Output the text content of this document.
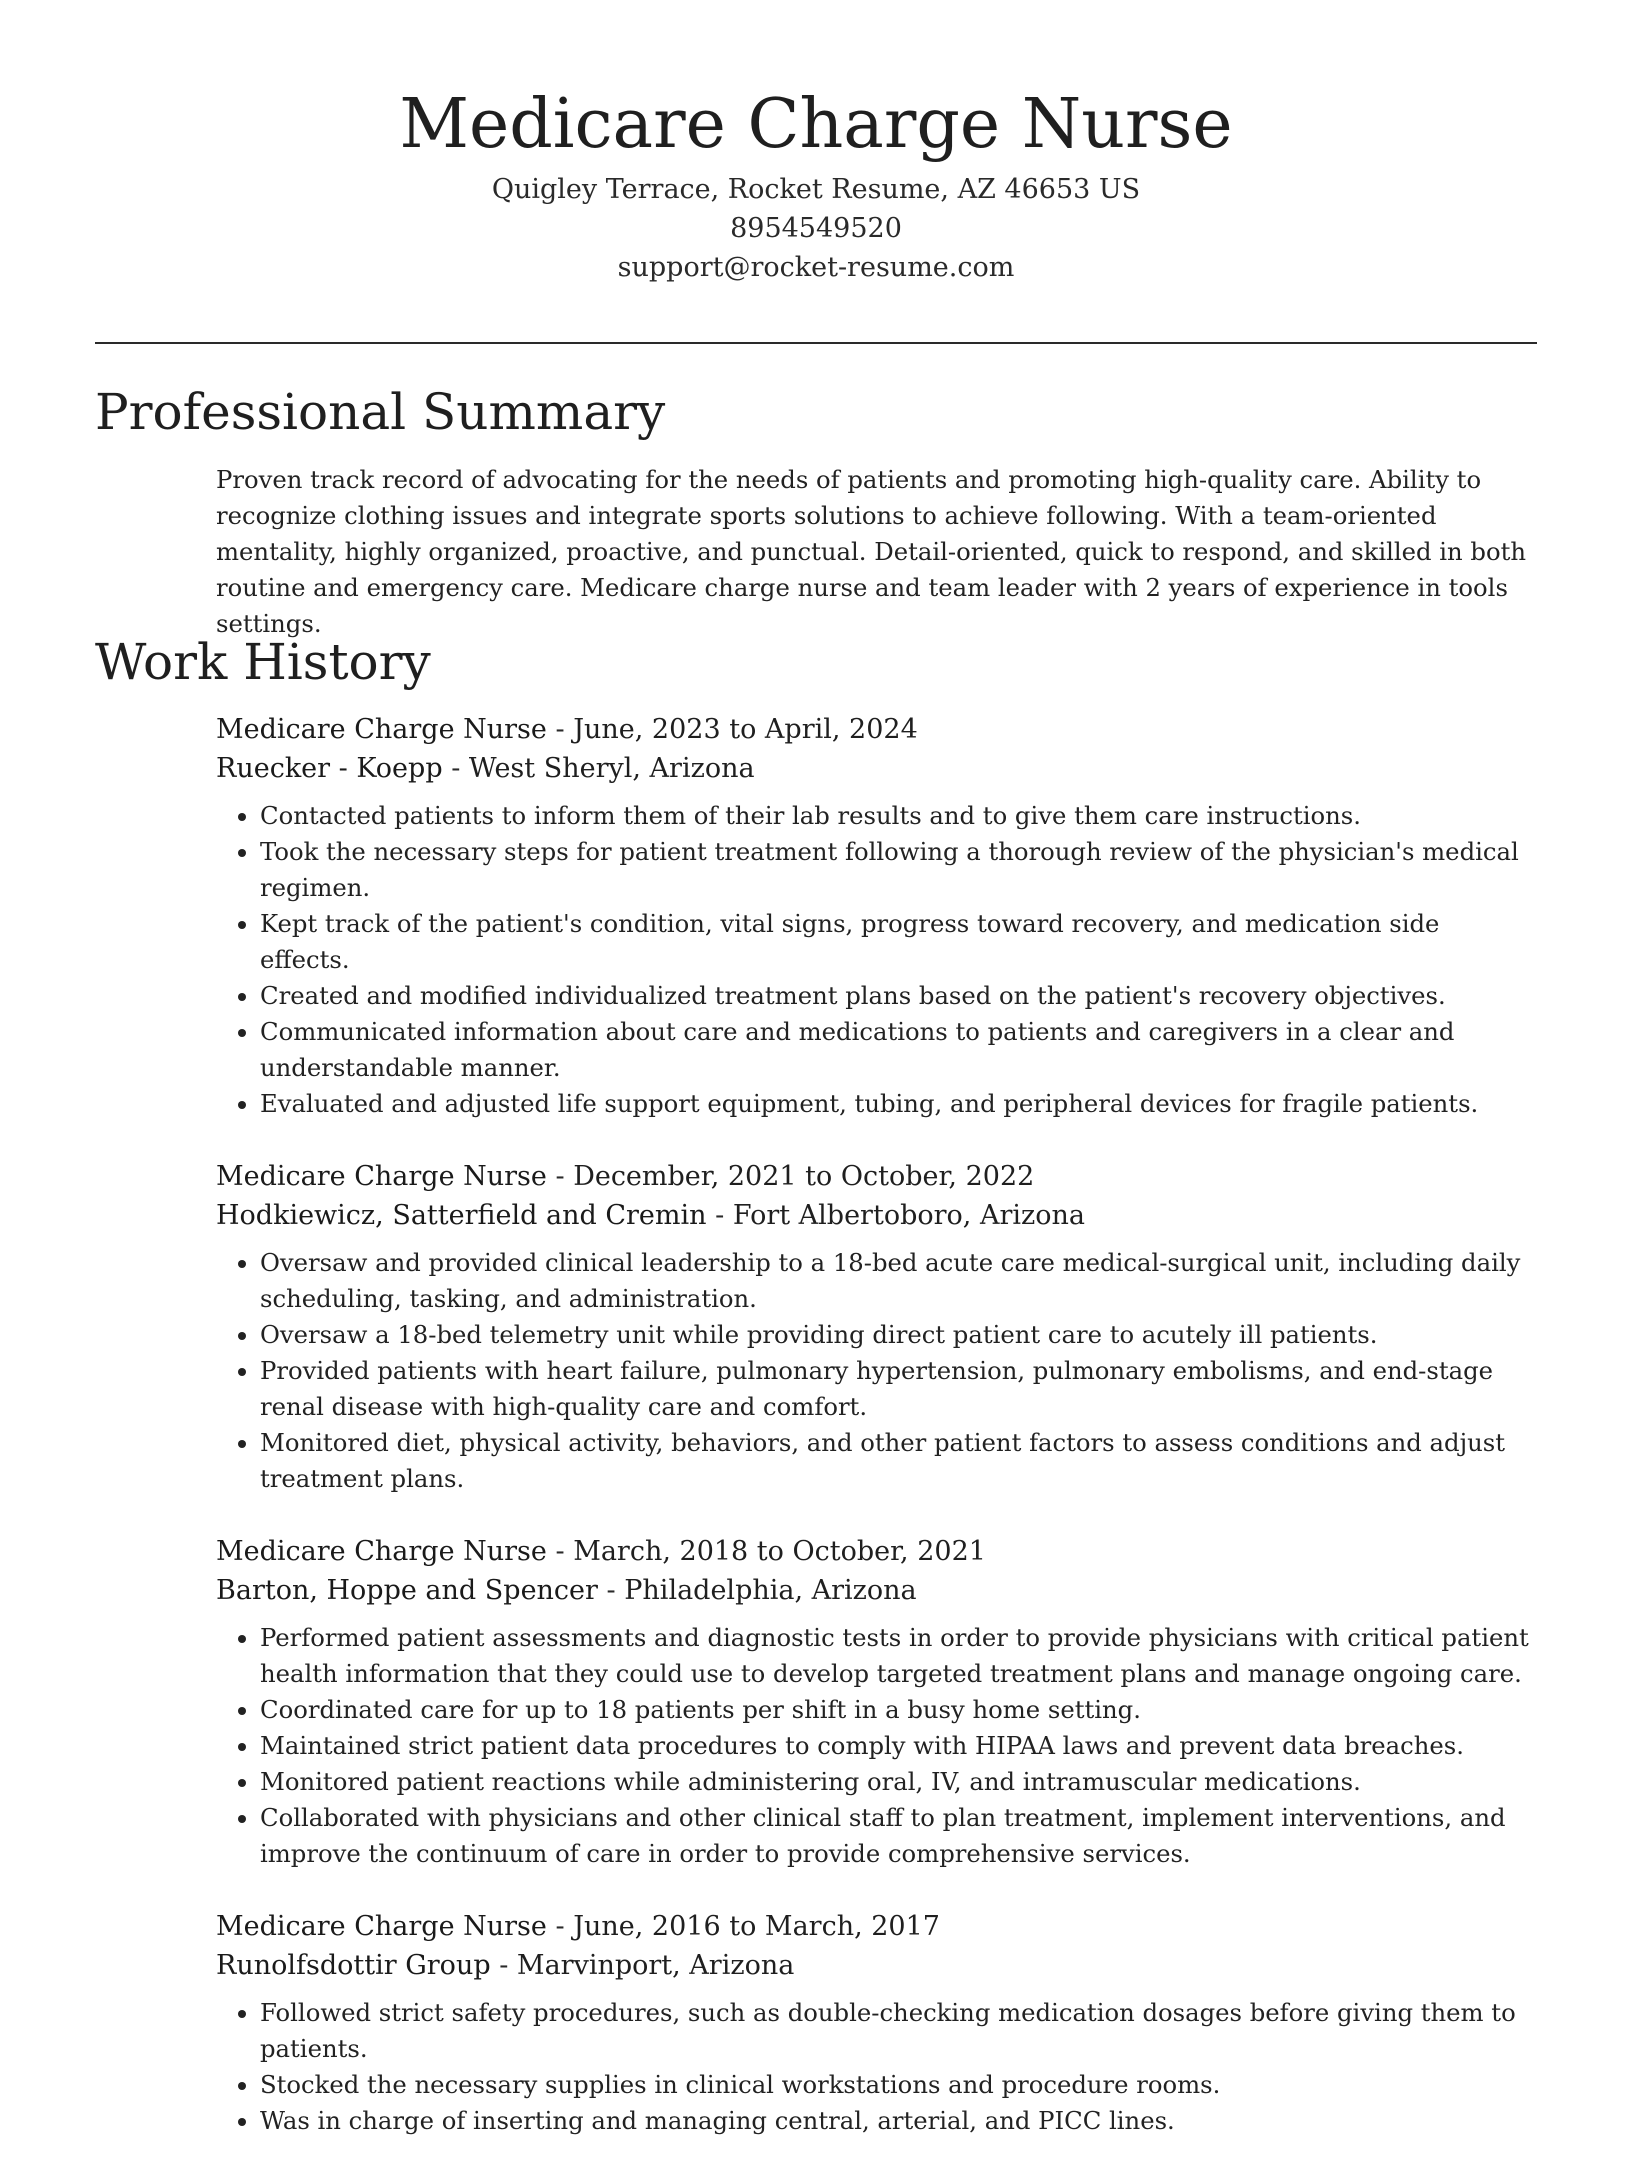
Medicare Charge Nurse
Quigley Terrace, Rocket Resume, AZ 46653 US
8954549520
support@rocket-resume.com
Professional Summary

Proven track record of advocating for the needs of patients and promoting high-quality care. Ability to recognize clothing issues and integrate sports solutions to achieve following. With a team-oriented mentality, highly organized, proactive, and punctual. Detail-oriented, quick to respond, and skilled in both routine and emergency care. Medicare charge nurse and team leader with 2 years of experience in tools settings.

Work History
Medicare Charge Nurse - June, 2023 to April, 2024
Ruecker - Koepp - West Sheryl, Arizona
• Contacted patients to inform them of their lab results and to give them care instructions.
• Took the necessary steps for patient treatment following a thorough review of the physician's medical regimen.
• Kept track of the patient's condition, vital signs, progress toward recovery, and medication side effects.
• Created and modified individualized treatment plans based on the patient's recovery objectives.
• Communicated information about care and medications to patients and caregivers in a clear and understandable manner.
• Evaluated and adjusted life support equipment, tubing, and peripheral devices for fragile patients.
Medicare Charge Nurse - December, 2021 to October, 2022
Hodkiewicz, Satterfield and Cremin - Fort Albertoboro, Arizona
• Oversaw and provided clinical leadership to a 18-bed acute care medical-surgical unit, including daily scheduling, tasking, and administration.
• Oversaw a 18-bed telemetry unit while providing direct patient care to acutely ill patients.
• Provided patients with heart failure, pulmonary hypertension, pulmonary embolisms, and end-stage renal disease with high-quality care and comfort.
• Monitored diet, physical activity, behaviors, and other patient factors to assess conditions and adjust treatment plans.
Medicare Charge Nurse - March, 2018 to October, 2021
Barton, Hoppe and Spencer - Philadelphia, Arizona
• Performed patient assessments and diagnostic tests in order to provide physicians with critical patient health information that they could use to develop targeted treatment plans and manage ongoing care.
• Coordinated care for up to 18 patients per shift in a busy home setting.
• Maintained strict patient data procedures to comply with HIPAA laws and prevent data breaches.
• Monitored patient reactions while administering oral, IV, and intramuscular medications.
• Collaborated with physicians and other clinical staff to plan treatment, implement interventions, and improve the continuum of care in order to provide comprehensive services.
Medicare Charge Nurse - June, 2016 to March, 2017
Runolfsdottir Group - Marvinport, Arizona
• Followed strict safety procedures, such as double-checking medication dosages before giving them to patients.
• Stocked the necessary supplies in clinical workstations and procedure rooms.
• Was in charge of inserting and managing central, arterial, and PICC lines.
